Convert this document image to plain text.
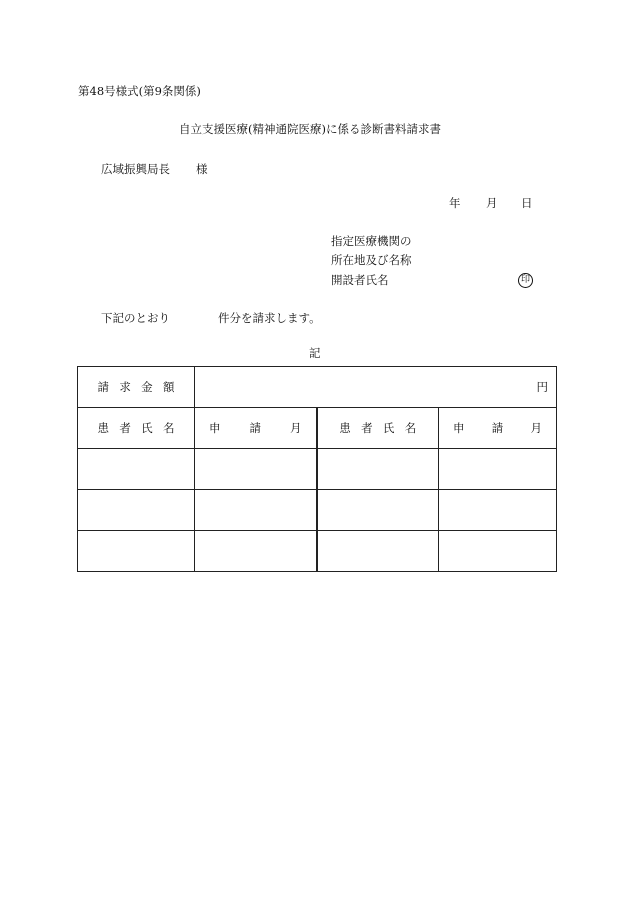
第48号様式(第9条関係)
自立支援医療(精神通院医療)に係る診断書料請求書
広域振興局長 様
年 月 日
指定医療機関の
所在地及び名称
開設者氏名	印
下記のとおり	件分を請求します。
記
請求金額	円		
患者氏名	申 請 月	患者氏名	申 請 月
